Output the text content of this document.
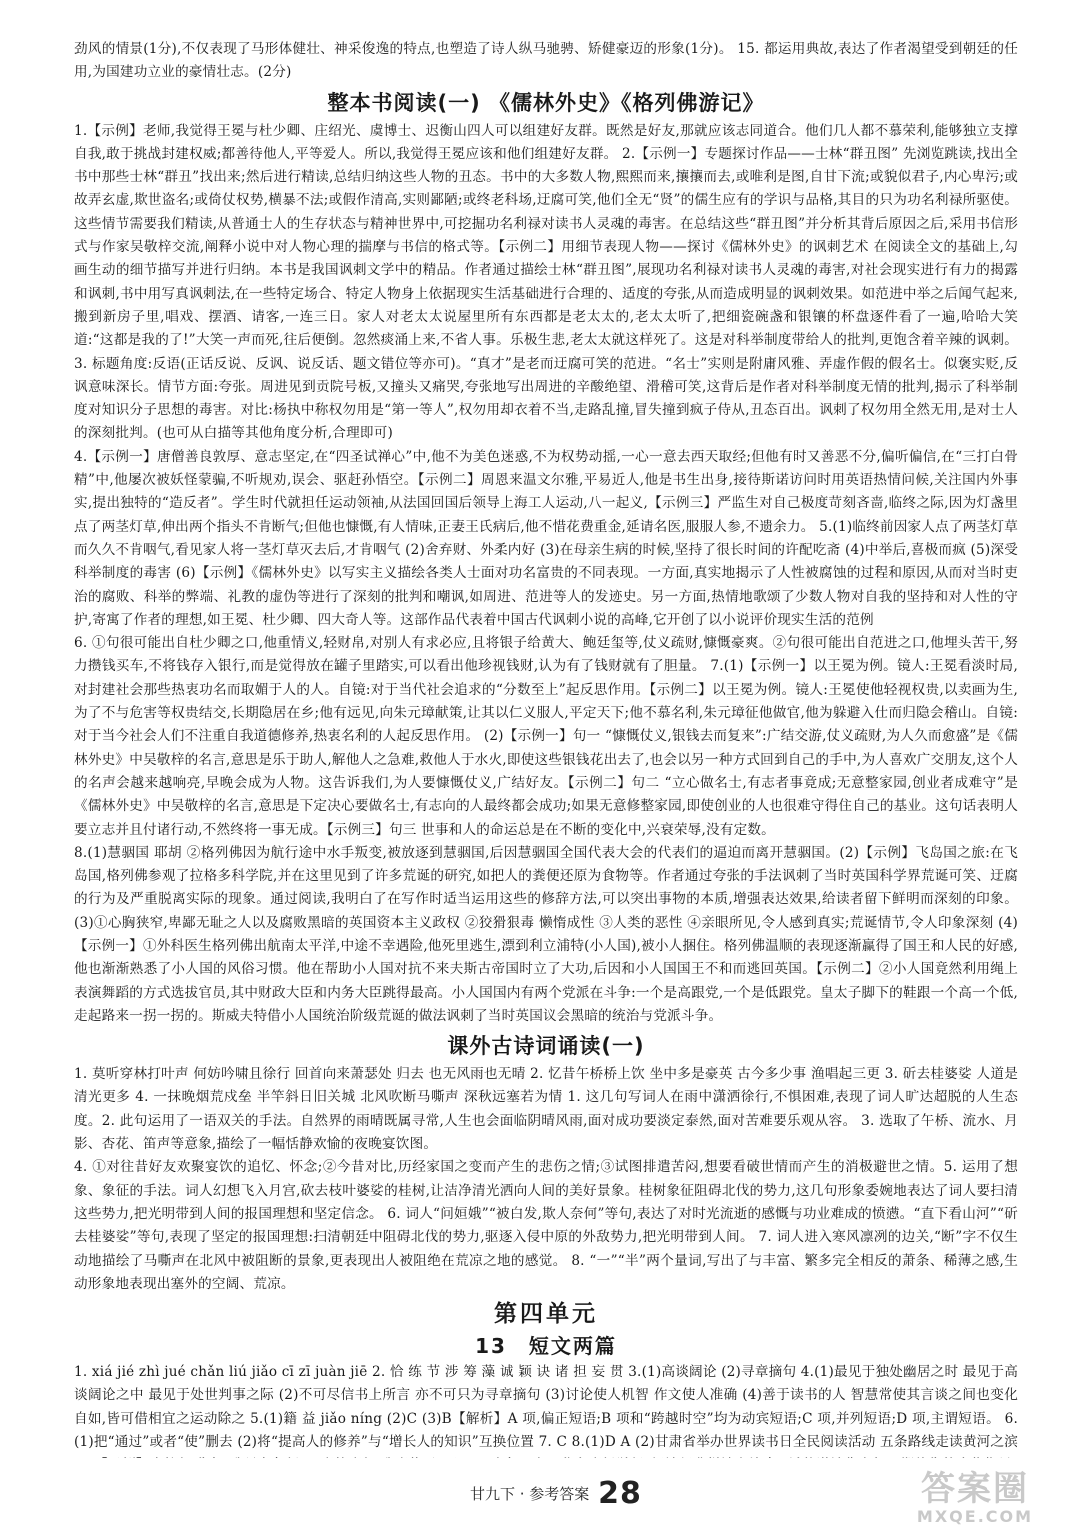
劲风的情景(1分),不仅表现了马形体健壮、神采俊逸的特点,也塑造了诗人纵马驰骋、矫健豪迈的形象(1分)。 15. 都运用典故,表达了作者渴望受到朝廷的任用,为国建功立业的豪情壮志。(2分)

整本书阅读(一) 《儒林外史》《格列佛游记》

1.【示例】老师,我觉得王冕与杜少卿、庄绍光、虞博士、迟衡山四人可以组建好友群。既然是好友,那就应该志同道合。他们几人都不慕荣利,能够独立支撑自我,敢于挑战封建权威;都善待他人,平等爱人。所以,我觉得王冕应该和他们组建好友群。 2.【示例一】专题探讨作品——士林“群丑图” 先浏览跳读,找出全书中那些士林“群丑”找出来;然后进行精读,总结归纳这些人物的丑态。书中的大多数人物,熙熙而来,攘攘而去,或唯利是图,自甘下流;或貌似君子,内心卑污;或故弄玄虚,欺世盗名;或倚仗权势,横暴不法;或假作清高,实则鄙陋;或终老科场,迂腐可笑,他们全无“贤”的儒生应有的学识与品格,其目的只为功名利禄所驱使。这些情节需要我们精读,从普通士人的生存状态与精神世界中,可挖掘功名利禄对读书人灵魂的毒害。在总结这些“群丑图”并分析其背后原因之后,采用书信形式与作家吴敬梓交流,阐释小说中对人物心理的揣摩与书信的格式等。【示例二】用细节表现人物——探讨《儒林外史》的讽刺艺术 在阅读全文的基础上,勾画生动的细节描写并进行归纳。本书是我国讽刺文学中的精品。作者通过描绘士林“群丑图”,展现功名利禄对读书人灵魂的毒害,对社会现实进行有力的揭露和讽刺,书中用写真讽刺法,在一些特定场合、特定人物身上依据现实生活基础进行合理的、适度的夸张,从而造成明显的讽刺效果。如范进中举之后闻气起来,搬到新房子里,唱戏、摆酒、请客,一连三日。家人对老太太说屋里所有东西都是老太太的,老太太听了,把细瓷碗盏和银镶的杯盘逐件看了一遍,哈哈大笑道:“这都是我的了!”大笑一声而死,往后便倒。忽然痰涌上来,不省人事。乐极生悲,老太太就这样死了。这是对科举制度带给人的批判,更饱含着辛辣的讽刺。 3. 标题角度:反语(正话反说、反讽、说反话、题文错位等亦可)。“真才”是老而迂腐可笑的范进。“名士”实则是附庸风雅、弄虚作假的假名士。似褒实贬,反讽意味深长。情节方面:夸张。周进见到贡院号板,又撞头又痛哭,夸张地写出周进的辛酸绝望、滑稽可笑,这背后是作者对科举制度无情的批判,揭示了科举制度对知识分子思想的毒害。对比:杨执中称权勿用是“第一等人”,权勿用却衣着不当,走路乱撞,冒失撞到疯子侍从,丑态百出。讽刺了权勿用全然无用,是对士人的深刻批判。(也可从白描等其他角度分析,合理即可)

4.【示例一】唐僧善良敦厚、意志坚定,在“四圣试禅心”中,他不为美色迷惑,不为权势动摇,一心一意去西天取经;但他有时又善恶不分,偏听偏信,在“三打白骨精”中,他屡次被妖怪蒙骗,不听规劝,误会、驱赶孙悟空。【示例二】周恩来温文尔雅,平易近人,他是书生出身,接待斯诺访问时用英语热情问候,关注国内外事实,提出独特的“造反者”。学生时代就担任运动领袖,从法国回国后领导上海工人运动,八一起义,【示例三】严监生对自己极度苛刻吝啬,临终之际,因为灯盏里点了两茎灯草,伸出两个指头不肯断气;但他也慷慨,有人情味,正妻王氏病后,他不惜花费重金,延请名医,服服人参,不遗余力。 5.(1)临终前因家人点了两茎灯草而久久不肯咽气,看见家人将一茎灯草灭去后,才肯咽气 (2)舍弃财、外柔内好 (3)在母亲生病的时候,坚持了很长时间的许配吃斋 (4)中举后,喜极而疯 (5)深受科举制度的毒害 (6)【示例】《儒林外史》以写实主义描绘各类人士面对功名富贵的不同表现。一方面,真实地揭示了人性被腐蚀的过程和原因,从而对当时吏治的腐败、科举的弊端、礼教的虚伪等进行了深刻的批判和嘲讽,如周进、范进等人的发迹史。另一方面,热情地歌颂了少数人物对自我的坚持和对人性的守护,寄寓了作者的理想,如王冕、杜少卿、四大奇人等。这部作品代表着中国古代讽刺小说的高峰,它开创了以小说评价现实生活的范例

6. ①句很可能出自杜少卿之口,他重情义,轻财帛,对别人有求必应,且将银子给黄大、鲍廷玺等,仗义疏财,慷慨豪爽。②句很可能出自范进之口,他埋头苦干,努力攒钱买车,不将钱存入银行,而是觉得放在罐子里踏实,可以看出他珍视钱财,认为有了钱财就有了胆量。 7.(1)【示例一】以王冕为例。镜人:王冕看淡时局,对封建社会那些热衷功名而取媚于人的人。自镜:对于当代社会追求的“分数至上”起反思作用。【示例二】以王冕为例。镜人:王冕使他轻视权贵,以卖画为生,为了不与危害等权贵结交,长期隐居在乡;他有远见,向朱元璋献策,让其以仁义服人,平定天下;他不慕名利,朱元璋征他做官,他为躲避入仕而归隐会稽山。自镜:对于当今社会人们不注重自我道德修养,热衷名利的人起反思作用。 (2)【示例一】句一 “慷慨仗义,银钱去而复来”:广结交游,仗义疏财,为人久而愈盛”是《儒林外史》中吴敬梓的名言,意思是乐于助人,解他人之急难,救他人于水火,即使这些银钱花出去了,也会以另一种方式回到自己的手中,为人喜欢广交朋友,这个人的名声会越来越响亮,早晚会成为人物。这告诉我们,为人要慷慨仗义,广结好友。【示例二】句二 “立心做名士,有志者事竟成;无意整家园,创业者成难守”是《儒林外史》中吴敬梓的名言,意思是下定决心要做名士,有志向的人最终都会成功;如果无意修整家园,即使创业的人也很难守得住自己的基业。这句话表明人要立志并且付诸行动,不然终将一事无成。【示例三】句三 世事和人的命运总是在不断的变化中,兴衰荣辱,没有定数。

8.(1)慧骃国 耶胡 ②格列佛因为航行途中水手叛变,被放逐到慧骃国,后因慧骃国全国代表大会的代表们的逼迫而离开慧骃国。(2)【示例】飞岛国之旅:在飞岛国,格列佛参观了拉格多科学院,并在这里见到了许多荒诞的研究,如把人的粪便还原为食物等。作者通过夸张的手法讽刺了当时英国科学界荒诞可笑、迂腐的行为及严重脱离实际的现象。通过阅读,我明白了在写作时适当运用这些的修辞方法,可以突出事物的本质,增强表达效果,给读者留下鲜明而深刻的印象。 (3)①心胸狭窄,卑鄙无耻之人以及腐败黑暗的英国资本主义政权 ②狡猾狠毒 懒惰成性 ③人类的恶性 ④亲眼所见,令人感到真实;荒诞情节,令人印象深刻 (4)【示例一】①外科医生格列佛出航南太平洋,中途不幸遇险,他死里逃生,漂到利立浦特(小人国),被小人捆住。格列佛温顺的表现逐渐赢得了国王和人民的好感,他也渐渐熟悉了小人国的风俗习惯。他在帮助小人国对抗不来夫斯古帝国时立了大功,后因和小人国国王不和而逃回英国。【示例二】②小人国竟然利用绳上表演舞蹈的方式选拔官员,其中财政大臣和内务大臣跳得最高。小人国国内有两个党派在斗争:一个是高跟党,一个是低跟党。皇太子脚下的鞋跟一个高一个低,走起路来一拐一拐的。斯威夫特借小人国统治阶级荒诞的做法讽刺了当时英国议会黑暗的统治与党派斗争。

课外古诗词诵读(一)

1. 莫听穿林打叶声 何妨吟啸且徐行 回首向来萧瑟处 归去 也无风雨也无晴 2. 忆昔午桥桥上饮 坐中多是豪英 古今多少事 渔唱起三更 3. 斫去桂婆娑 人道是 清光更多 4. 一抹晚烟荒戍垒 半竿斜日旧关城 北风吹断马嘶声 深秋远塞若为情 1. 这几句写词人在雨中潇洒徐行,不惧困难,表现了词人旷达超脱的人生态度。2. 此句运用了一语双关的手法。自然界的雨晴既属寻常,人生也会面临阴晴风雨,面对成功要淡定泰然,面对苦难要乐观从容。 3. 选取了午桥、流水、月影、杏花、笛声等意象,描绘了一幅恬静欢愉的夜晚宴饮图。

4. ①对往昔好友欢聚宴饮的追忆、怀念;②今昔对比,历经家国之变而产生的悲伤之情;③试图排遣苦闷,想要看破世情而产生的消极避世之情。5. 运用了想象、象征的手法。词人幻想飞入月宫,砍去枝叶婆娑的桂树,让洁净清光洒向人间的美好景象。桂树象征阻碍北伐的势力,这几句形象委婉地表达了词人要扫清这些势力,把光明带到人间的报国理想和坚定信念。 6. 词人“问姮娥”“被白发,欺人奈何”等句,表达了对时光流逝的感慨与功业难成的愤懑。“直下看山河”“斫去桂婆娑”等句,表现了坚定的报国理想:扫清朝廷中阻碍北伐的势力,驱逐入侵中原的外敌势力,把光明带到人间。 7. 词人进入寒风凛冽的边关,“断”字不仅生动地描绘了马嘶声在北风中被阻断的景象,更表现出人被阻绝在荒凉之地的感觉。 8. “一”“半”两个量词,写出了与丰富、繁多完全相反的萧条、稀薄之感,生动形象地表现出塞外的空阔、荒凉。

第四单元
13 短文两篇

1. xiá jié zhì jué chǎn liú jiǎo cī zī juàn jiē 2. 恰 练 节 涉 筹 藻 诚 颖 诀 诸 担 妄 贯 3.(1)高谈阔论 (2)寻章摘句 4.(1)最见于独处幽居之时 最见于高谈阔论之中 最见于处世判事之际 (2)不可尽信书上所言 亦不可只为寻章摘句 (3)讨论使人机智 作文使人准确 (4)善于读书的人 智慧常使其言谈之间也变化自如,皆可借相宜之运动除之 5.(1)籍 益 jiǎo níng (2)C (3)B【解析】A 项,偏正短语;B 项和“跨越时空”均为动宾短语;C 项,并列短语;D 项,主谓短语。 6.(1)把“通过”或者“使”删去 (2)将“提高人的修养”与“增长人的知识”互换位置 7. C 8.(1)D A (2)甘肃省举办世界读书日全民阅读活动 五条路线走读黄河之滨

甘九下 · 参考答案 28	答案圈
MXQE.COM
